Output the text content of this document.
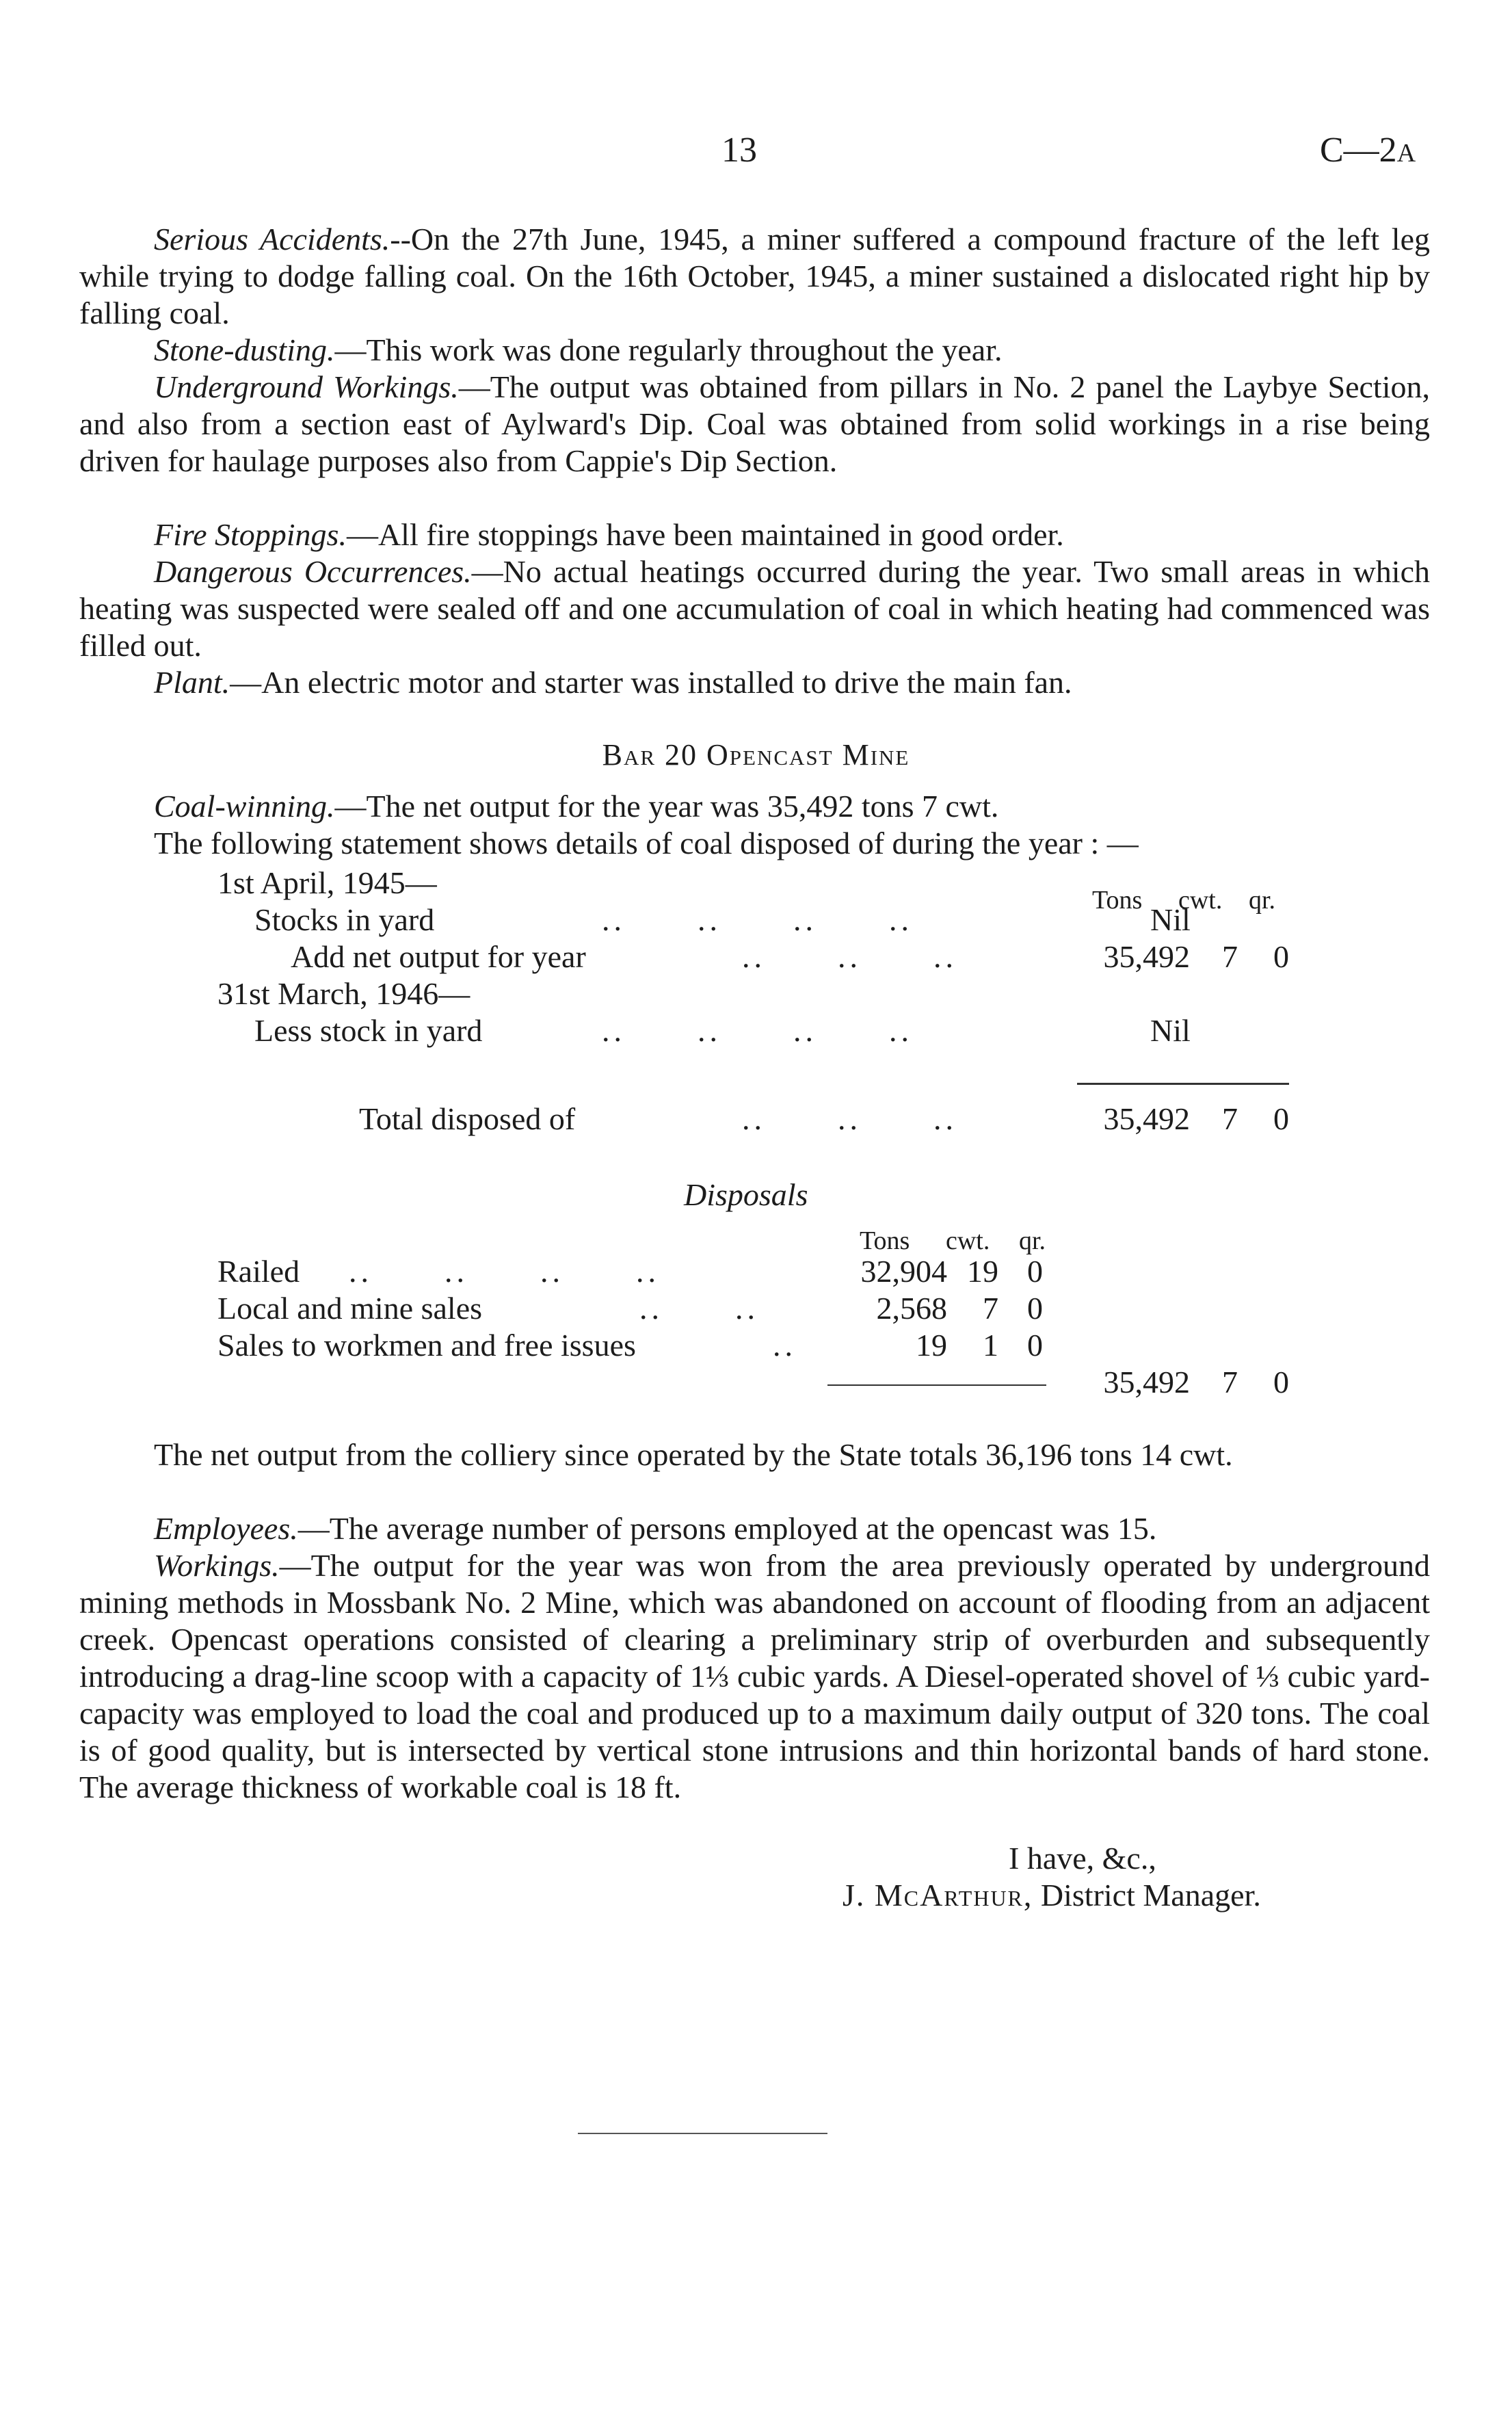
13	C—2A
Serious Accidents.--On the 27th June, 1945, a miner suffered a compound fracture of the left leg while trying to dodge falling coal. On the 16th October, 1945, a miner sustained a dislocated right hip by falling coal.
Stone-dusting.—This work was done regularly throughout the year.
Underground Workings.—The output was obtained from pillars in No. 2 panel the Laybye Section, and also from a section east of Aylward's Dip. Coal was obtained from solid workings in a rise being driven for haulage purposes also from Cappie's Dip Section.
Fire Stoppings.—All fire stoppings have been maintained in good order.
Dangerous Occurrences.—No actual heatings occurred during the year. Two small areas in which heating was suspected were sealed off and one accumulation of coal in which heating had commenced was filled out.
Plant.—An electric motor and starter was installed to drive the main fan.
Bar 20 Opencast Mine
Coal-winning.—The net output for the year was 35,492 tons 7 cwt.
The following statement shows details of coal disposed of during the year : —
1st April, 1945—	Tons cwt. qr.
Stocks in yard	..      ..      ..      ..	Nil
Add net output for year	..      ..      ..	35,492 7 0
31st March, 1946—
Less stock in yard	..      ..      ..      ..	Nil
Total disposed of	..      ..      ..	35,492 7 0
Disposals
Tons cwt. qr.
Railed ..      ..      ..      ..	32,904 19 0
Local and mine sales	..      ..	2,568	7 0
Sales to workmen and free issues	..	19	1 0
35,492 7 0
The net output from the colliery since operated by the State totals 36,196 tons 14 cwt.
Employees.—The average number of persons employed at the opencast was 15.
Workings.—The output for the year was won from the area previously operated by underground mining methods in Mossbank No. 2 Mine, which was abandoned on account of flooding from an adjacent creek. Opencast operations consisted of clearing a preliminary strip of overburden and subsequently introducing a drag-line scoop with a capacity of 1⅓ cubic yards. A Diesel-operated shovel of ⅓ cubic yard-capacity was employed to load the coal and produced up to a maximum daily output of 320 tons. The coal is of good quality, but is intersected by vertical stone intrusions and thin horizontal bands of hard stone. The average thickness of workable coal is 18 ft.
I have, &c.,
J. McArthur, District Manager.
